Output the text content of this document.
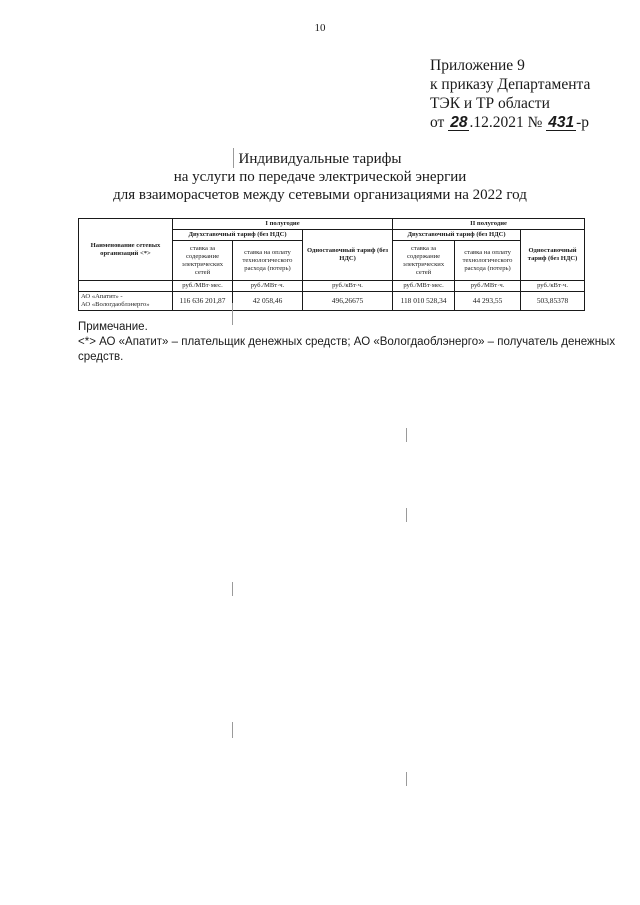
10
Приложение 9
к приказу Департамента
ТЭК и ТР области
от 28 .12.2021 № 431 -р
Индивидуальные тарифы
на услуги по передаче электрической энергии
для взаиморасчетов между сетевыми организациями на 2022 год
Наименование сетевых организаций <*>	I полугодие			II полугодие		
	Двухставочный тариф (без НДС)		Одноставочный тариф (без НДС)	Двухставочный тариф (без НДС)		Одноставочный тариф (без НДС)
	ставка за содержание электрических сетей	ставка на оплату технологического расхода (потерь)		ставка за содержание электрических сетей	ставка на оплату технологического расхода (потерь)	
	руб./МВт·мес.	руб./МВт·ч.	руб./кВт·ч.	руб./МВт·мес.	руб./МВт·ч.	руб./кВт·ч.

АО «Апатит» -
АО «Вологдаоблэнерго»	116 636 201,87	42 058,46	496,26675	118 010 528,34	44 293,55	503,85378
Примечание.
<*> АО «Апатит» – плательщик денежных средств; АО «Вологдаоблэнерго» – получатель денежных средств.
